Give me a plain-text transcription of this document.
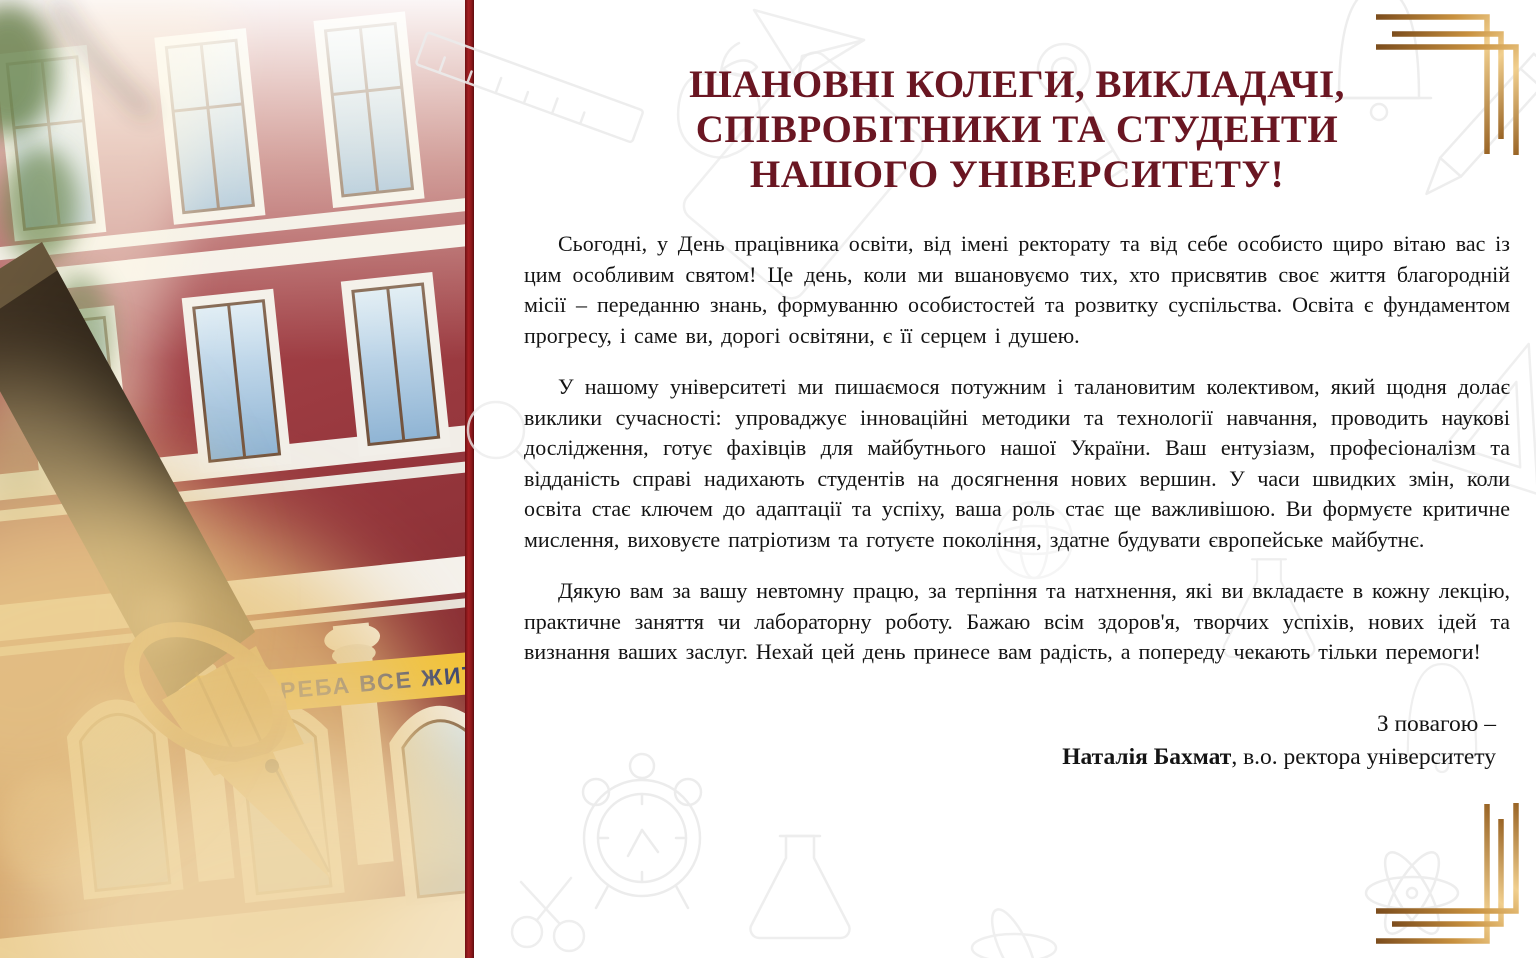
ШАНОВНІ КОЛЕГИ, ВИКЛАДАЧІ,
СПІВРОБІТНИКИ ТА СТУДЕНТИ
НАШОГО УНІВЕРСИТЕТУ!

Сьогодні, у День працівника освіти, від імені ректорату та від себе особисто щиро вітаю вас із цим особливим святом! Це день, коли ми вшановуємо тих, хто присвятив своє життя благородній місії – переданню знань, формуванню особистостей та розвитку суспільства. Освіта є фундаментом прогресу, і саме ви, дорогі освітяни, є її серцем і душею.

У нашому університеті ми пишаємося потужним і талановитим колективом, який щодня долає виклики сучасності: упроваджує інноваційні методики та технології навчання, проводить наукові дослідження, готує фахівців для майбутнього нашої України. Ваш ентузіазм, професіоналізм та відданість справі надихають студентів на досягнення нових вершин. У часи швидких змін, коли освіта стає ключем до адаптації та успіху, ваша роль стає ще важливішою. Ви формуєте критичне мислення, виховуєте патріотизм та готуєте покоління, здатне будувати європейське майбутнє.

Дякую вам за вашу невтомну працю, за терпіння та натхнення, які ви вкладаєте в кожну лекцію, практичне заняття чи лабораторну роботу. Бажаю всім здоров'я, творчих успіхів, нових ідей та визнання ваших заслуг. Нехай цей день принесе вам радість, а попереду чекають тільки перемоги!

З повагою –
Наталія Бахмат, в.о. ректора університету
